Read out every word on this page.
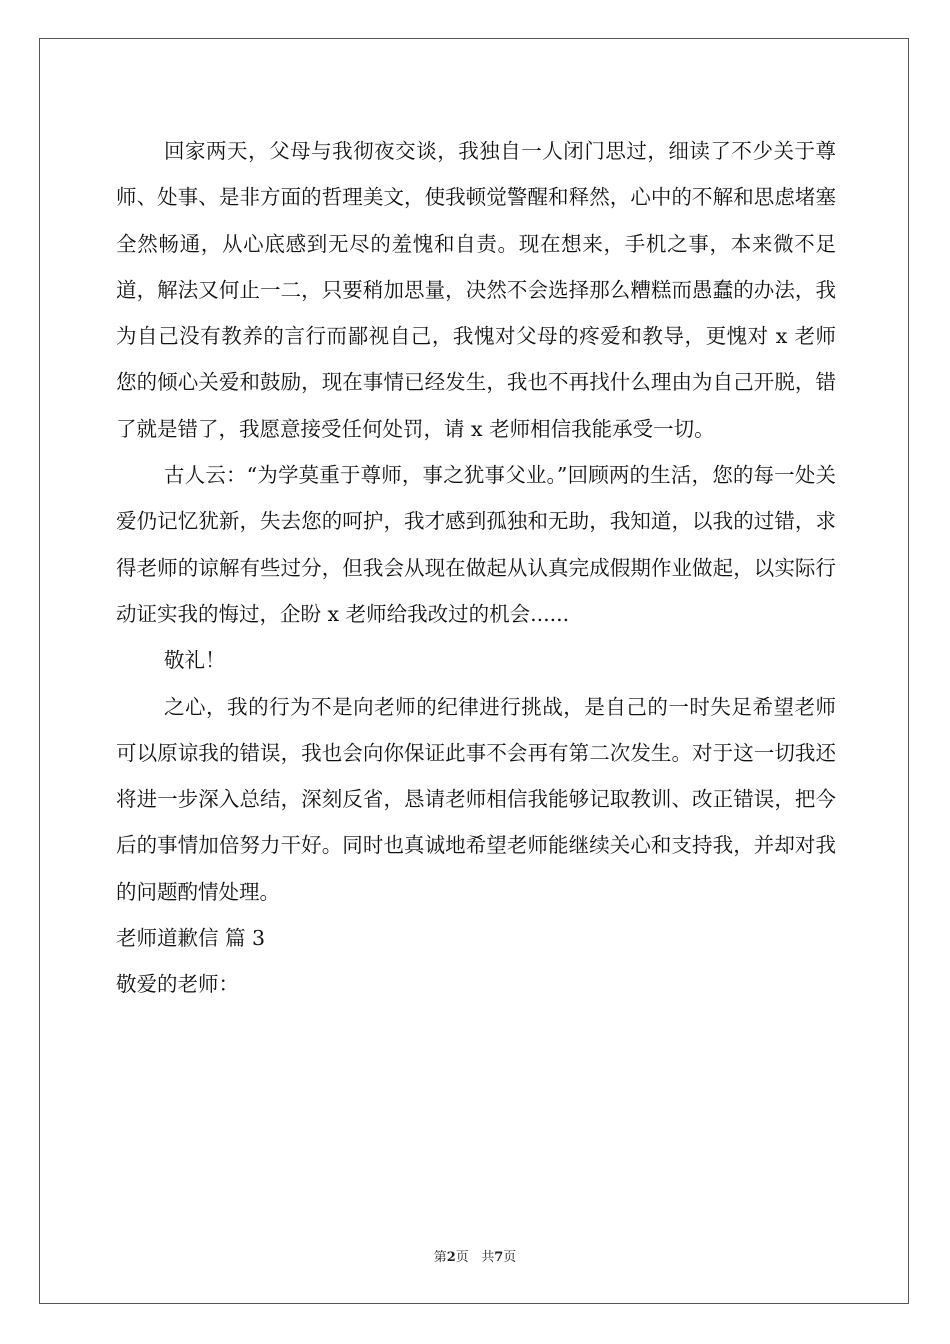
回家两天，父母与我彻夜交谈，我独自一人闭门思过，细读了不少关于尊师、处事、是非方面的哲理美文，使我顿觉警醒和释然，心中的不解和思虑堵塞全然畅通，从心底感到无尽的羞愧和自责。现在想来，手机之事，本来微不足道，解法又何止一二，只要稍加思量，决然不会选择那么糟糕而愚蠢的办法，我为自己没有教养的言行而鄙视自己，我愧对父母的疼爱和教导，更愧对 x 老师您的倾心关爱和鼓励，现在事情已经发生，我也不再找什么理由为自己开脱，错了就是错了，我愿意接受任何处罚，请 x 老师相信我能承受一切。

古人云：“为学莫重于尊师，事之犹事父业。”回顾两的生活，您的每一处关爱仍记忆犹新，失去您的呵护，我才感到孤独和无助，我知道，以我的过错，求得老师的谅解有些过分，但我会从现在做起从认真完成假期作业做起，以实际行动证实我的悔过，企盼 x 老师给我改过的机会......

敬礼！

之心，我的行为不是向老师的纪律进行挑战，是自己的一时失足希望老师可以原谅我的错误，我也会向你保证此事不会再有第二次发生。对于这一切我还将进一步深入总结，深刻反省，恳请老师相信我能够记取教训、改正错误，把今后的事情加倍努力干好。同时也真诚地希望老师能继续关心和支持我，并却对我的问题酌情处理。

老师道歉信 篇 3

敬爱的老师：

第2页 共7页
